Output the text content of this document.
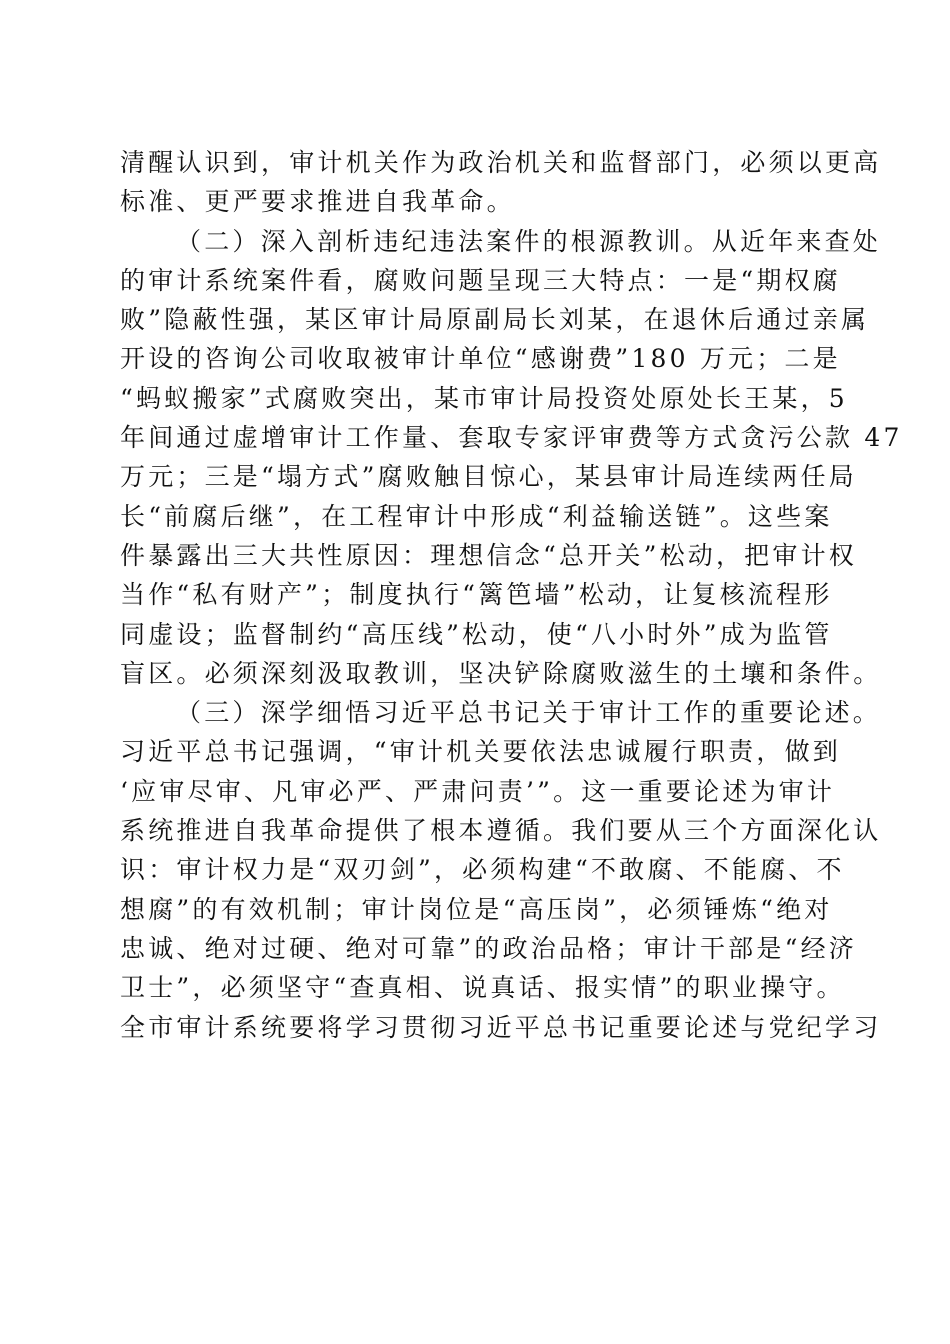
清醒认识到，审计机关作为政治机关和监督部门，必须以更高
标准、更严要求推进自我革命。
（二）深入剖析违纪违法案件的根源教训。从近年来查处
的审计系统案件看，腐败问题呈现三大特点：一是“期权腐
败”隐蔽性强，某区审计局原副局长刘某，在退休后通过亲属
开设的咨询公司收取被审计单位“感谢费”180 万元；二是
“蚂蚁搬家”式腐败突出，某市审计局投资处原处长王某，5
年间通过虚增审计工作量、套取专家评审费等方式贪污公款 47
万元；三是“塌方式”腐败触目惊心，某县审计局连续两任局
长“前腐后继”，在工程审计中形成“利益输送链”。这些案
件暴露出三大共性原因：理想信念“总开关”松动，把审计权
当作“私有财产”；制度执行“篱笆墙”松动，让复核流程形
同虚设；监督制约“高压线”松动，使“八小时外”成为监管
盲区。必须深刻汲取教训，坚决铲除腐败滋生的土壤和条件。
（三）深学细悟习近平总书记关于审计工作的重要论述。
习近平总书记强调，“审计机关要依法忠诚履行职责，做到
‘应审尽审、凡审必严、严肃问责’”。这一重要论述为审计
系统推进自我革命提供了根本遵循。我们要从三个方面深化认
识：审计权力是“双刃剑”，必须构建“不敢腐、不能腐、不
想腐”的有效机制；审计岗位是“高压岗”，必须锤炼“绝对
忠诚、绝对过硬、绝对可靠”的政治品格；审计干部是“经济
卫士”，必须坚守“查真相、说真话、报实情”的职业操守。
全市审计系统要将学习贯彻习近平总书记重要论述与党纪学习
